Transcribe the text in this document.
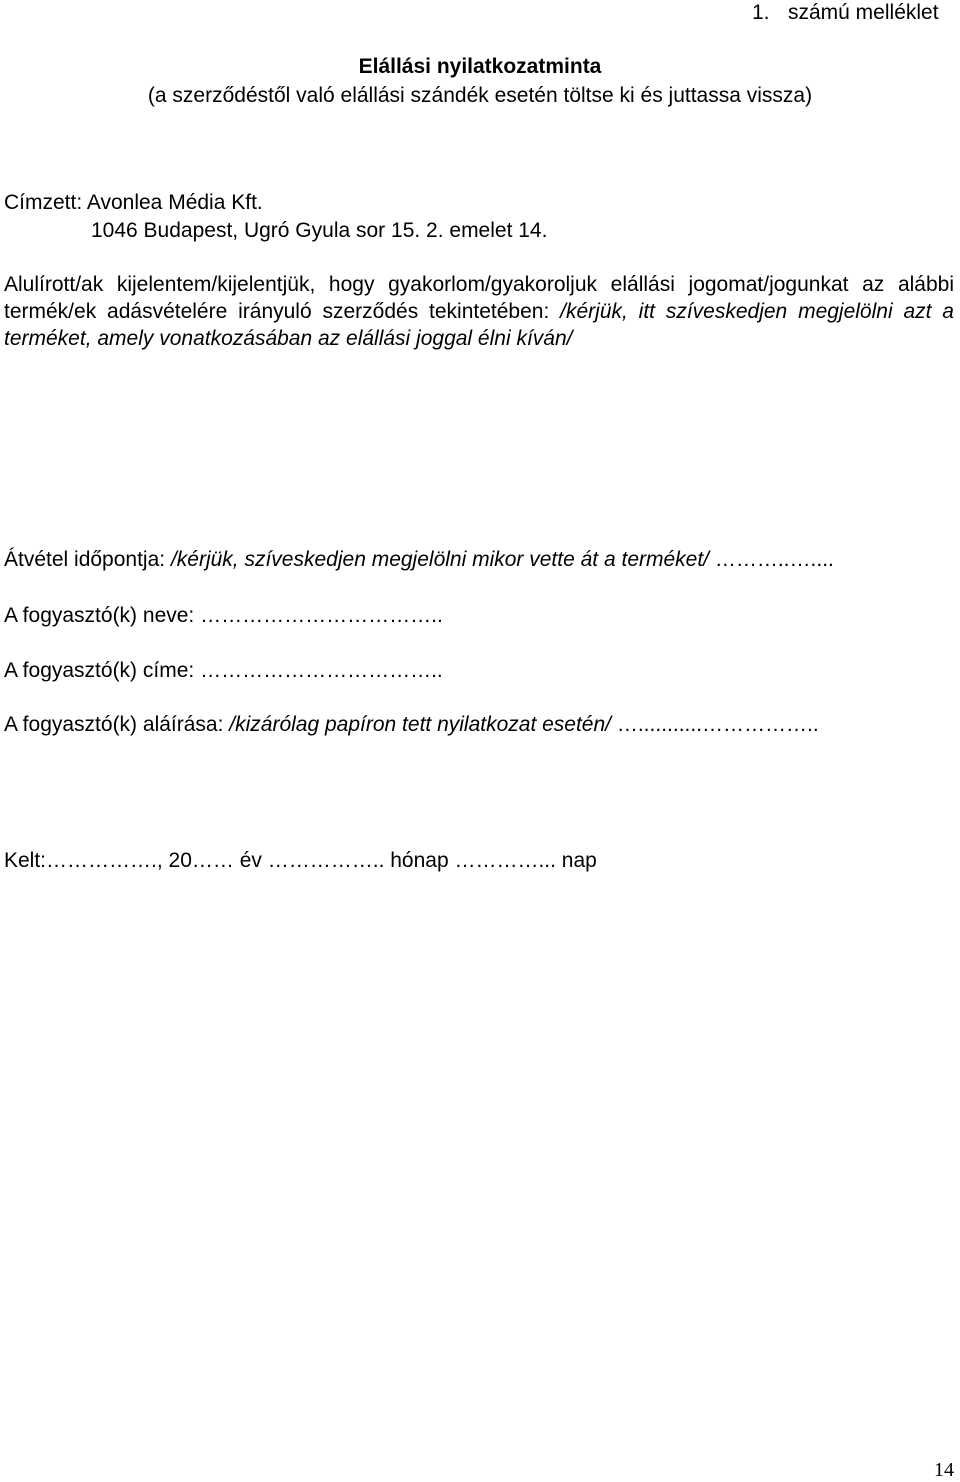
1. számú melléklet
Elállási nyilatkozatminta
(a szerződéstől való elállási szándék esetén töltse ki és juttassa vissza)
Címzett: Avonlea Média Kft.
1046 Budapest, Ugró Gyula sor 15. 2. emelet 14.
Alulírott/ak kijelentem/kijelentjük, hogy gyakorlom/gyakoroljuk elállási jogomat/jogunkat az alábbi termék/ek adásvételére irányuló szerződés tekintetében: /kérjük, itt szíveskedjen megjelölni azt a terméket, amely vonatkozásában az elállási joggal élni kíván/
Átvétel időpontja: /kérjük, szíveskedjen megjelölni mikor vette át a terméket/ ………..…....
A fogyasztó(k) neve: ……………………………..
A fogyasztó(k) címe: ……………………………..
A fogyasztó(k) aláírása: /kizárólag papíron tett nyilatkozat esetén/ …...........……………..
Kelt:……………., 20…… év …………….. hónap …………... nap
14
